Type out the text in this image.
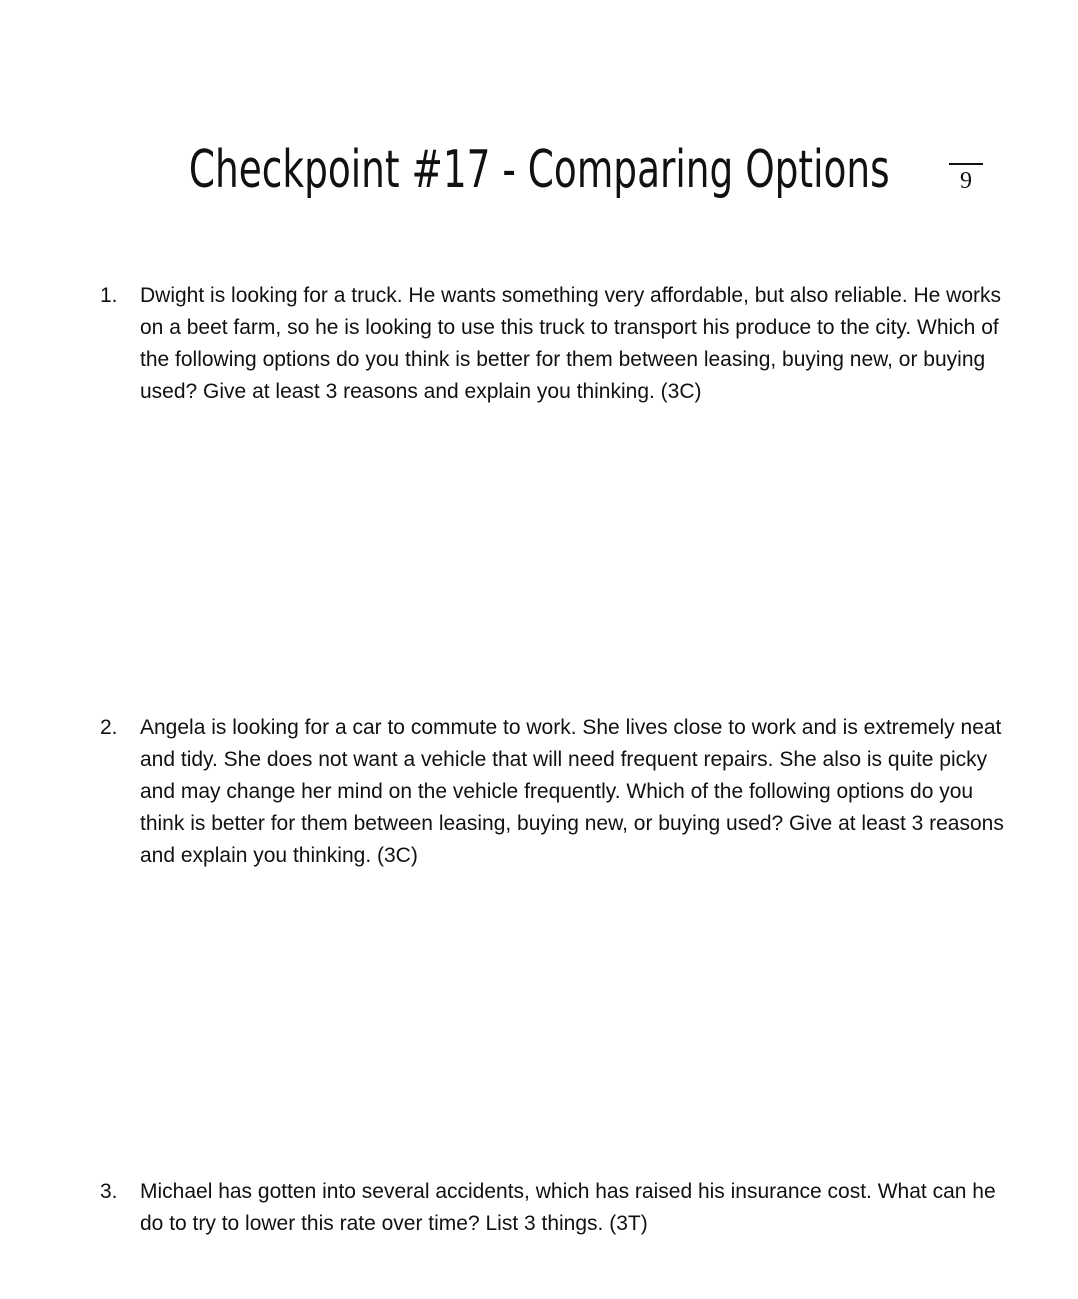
Checkpoint #17 - Comparing Options	9
1.	Dwight is looking for a truck. He wants something very affordable, but also reliable. He works on a beet farm, so he is looking to use this truck to transport his produce to the city. Which of the following options do you think is better for them between leasing, buying new, or buying used? Give at least 3 reasons and explain you thinking. (3C)
2.	Angela is looking for a car to commute to work. She lives close to work and is extremely neat and tidy. She does not want a vehicle that will need frequent repairs. She also is quite picky and may change her mind on the vehicle frequently. Which of the following options do you think is better for them between leasing, buying new, or buying used? Give at least 3 reasons and explain you thinking. (3C)
3.	Michael has gotten into several accidents, which has raised his insurance cost. What can he do to try to lower this rate over time? List 3 things. (3T)
